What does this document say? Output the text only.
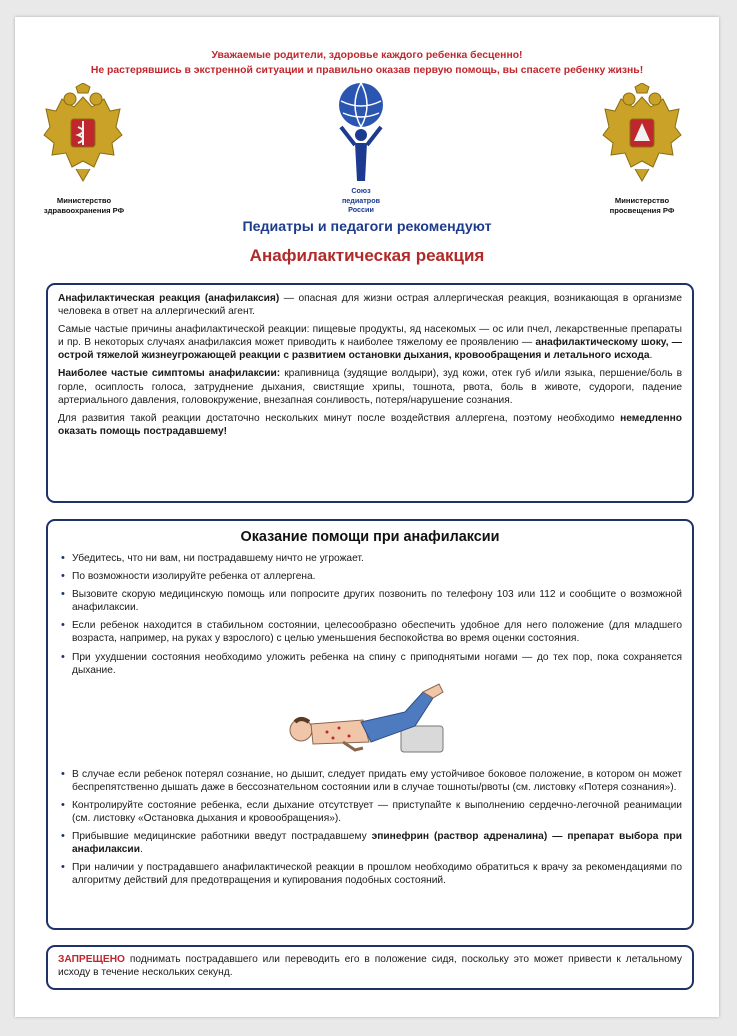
Уважаемые родители, здоровье каждого ребенка бесценно!
Не растерявшись в экстренной ситуации и правильно оказав первую помощь, вы спасете ребенку жизнь!
Министерство
здравоохранения РФ
Союз
педиатров
России
Министерство
просвещения РФ
Педиатры и педагоги рекомендуют
Анафилактическая реакция

Анафилактическая реакция (анафилаксия) — опасная для жизни острая аллергическая реакция, возникающая в организме человека в ответ на аллергический агент.

Самые частые причины анафилактической реакции: пищевые продукты, яд насекомых — ос или пчел, лекарственные препараты и пр. В некоторых случаях анафилаксия может приводить к наиболее тяжелому ее проявлению — анафилактическому шоку, — острой тяжелой жизнеугрожающей реакции с развитием остановки дыхания, кровообращения и летального исхода.

Наиболее частые симптомы анафилаксии: крапивница (зудящие волдыри), зуд кожи, отек губ и/или языка, першение/боль в горле, осиплость голоса, затруднение дыхания, свистящие хрипы, тошнота, рвота, боль в животе, судороги, падение артериального давления, головокружение, внезапная сонливость, потеря/нарушение сознания.

Для развития такой реакции достаточно нескольких минут после воздействия аллергена, поэтому необходимо немедленно оказать помощь пострадавшему!

Оказание помощи при анафилаксии
• Убедитесь, что ни вам, ни пострадавшему ничто не угрожает.
• По возможности изолируйте ребенка от аллергена.
• Вызовите скорую медицинскую помощь или попросите других позвонить по телефону 103 или 112 и сообщите о возможной анафилаксии.
• Если ребенок находится в стабильном состоянии, целесообразно обеспечить удобное для него положение (для младшего возраста, например, на руках у взрослого) с целью уменьшения беспокойства во время оценки состояния.
• При ухудшении состояния необходимо уложить ребенка на спину с приподнятыми ногами — до тех пор, пока сохраняется дыхание.
• В случае если ребенок потерял сознание, но дышит, следует придать ему устойчивое боковое положение, в котором он может беспрепятственно дышать даже в бессознательном состоянии или в случае тошноты/рвоты (см. листовку «Потеря сознания»).
• Контролируйте состояние ребенка, если дыхание отсутствует — приступайте к выполнению сердечно-легочной реанимации (см. листовку «Остановка дыхания и кровообращения»).
• Прибывшие медицинские работники введут пострадавшему эпинефрин (раствор адреналина) — препарат выбора при анафилаксии.
• При наличии у пострадавшего анафилактической реакции в прошлом необходимо обратиться к врачу за рекомендациями по алгоритму действий для предотвращения и купирования подобных состояний.

ЗАПРЕЩЕНО поднимать пострадавшего или переводить его в положение сидя, поскольку это может привести к летальному исходу в течение нескольких секунд.
